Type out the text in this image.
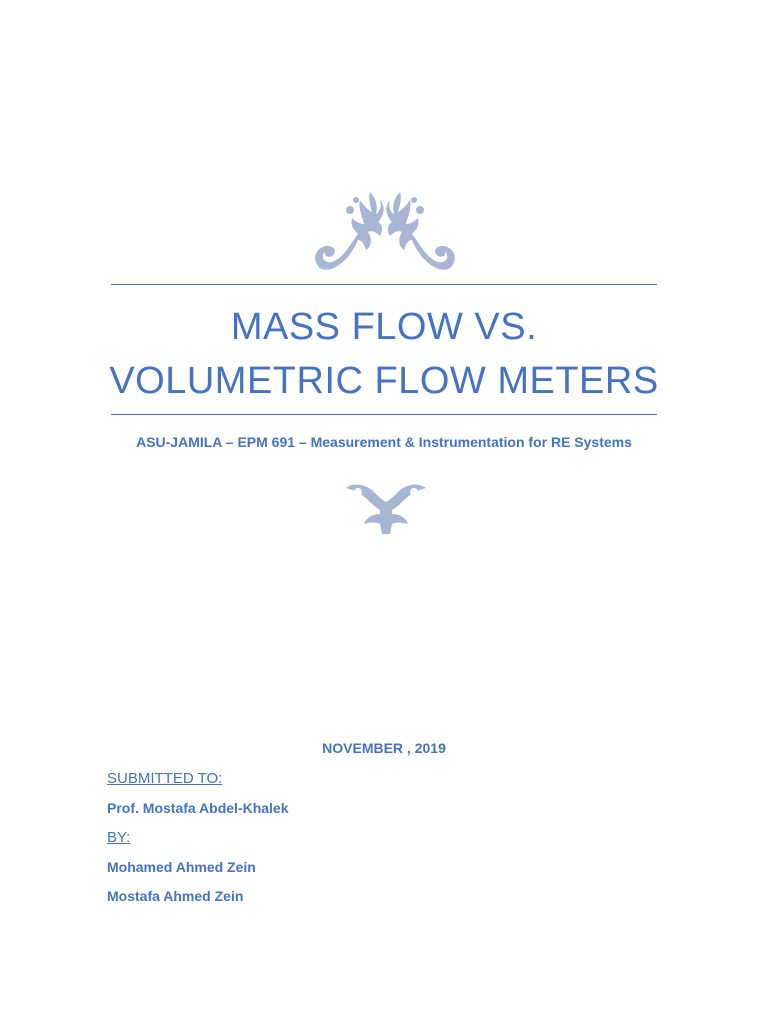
MASS FLOW VS.
VOLUMETRIC FLOW METERS
ASU-JAMILA – EPM 691 – Measurement & Instrumentation for RE Systems
NOVEMBER , 2019
SUBMITTED TO:
Prof. Mostafa Abdel-Khalek
BY:
Mohamed Ahmed Zein
Mostafa Ahmed Zein
